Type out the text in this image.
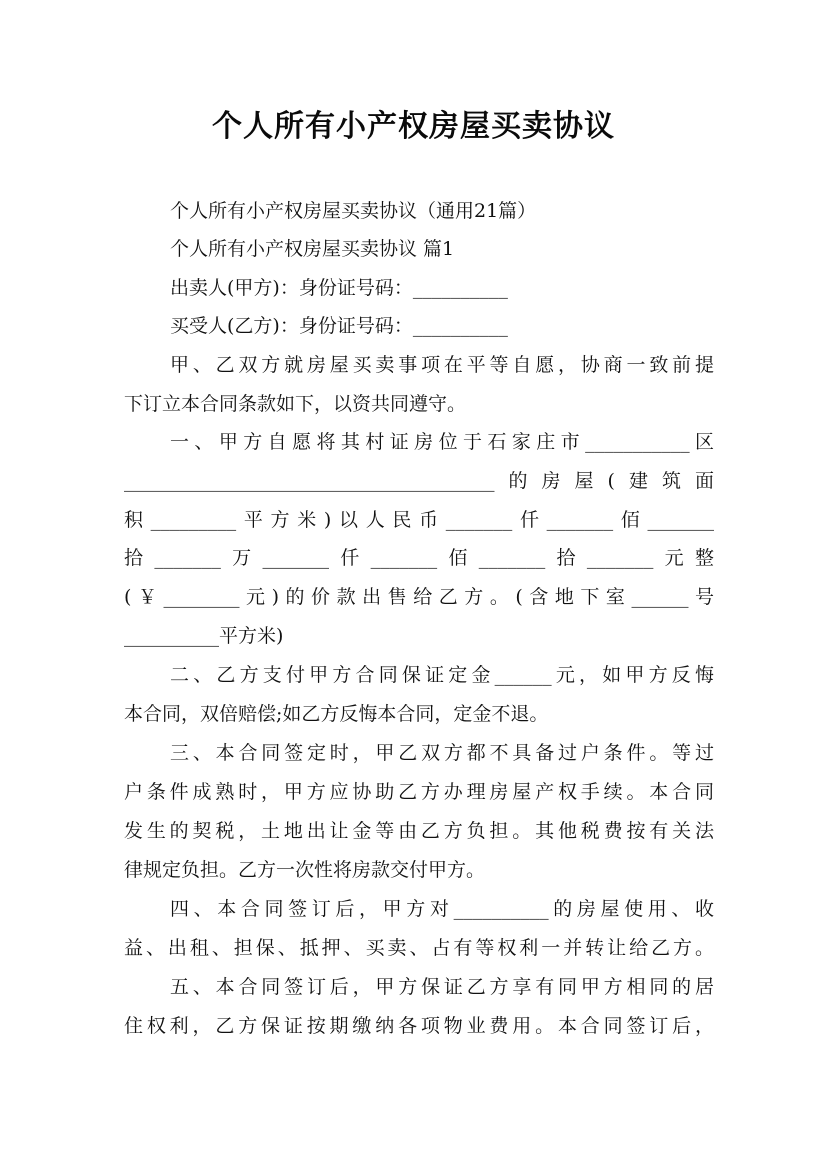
个人所有小产权房屋买卖协议
个人所有小产权房屋买卖协议（通用21篇）
个人所有小产权房屋买卖协议 篇1
出卖人(甲方)：身份证号码：__________
买受人(乙方)：身份证号码：__________
甲、乙双方就房屋买卖事项在平等自愿，协商一致前提
下订立本合同条款如下，以资共同遵守。
一、甲方自愿将其村证房位于石家庄市___________区
_______________________________________的房屋(建筑面
积_________平方米)以人民币_______仟_______佰_______
拾_______万_______仟_______佰_______拾_______元整
(￥________元)的价款出售给乙方。(含地下室______号
__________平方米)
二、乙方支付甲方合同保证定金______元，如甲方反悔
本合同，双倍赔偿;如乙方反悔本合同，定金不退。
三、本合同签定时，甲乙双方都不具备过户条件。等过
户条件成熟时，甲方应协助乙方办理房屋产权手续。本合同
发生的契税，土地出让金等由乙方负担。其他税费按有关法
律规定负担。乙方一次性将房款交付甲方。
四、本合同签订后，甲方对__________的房屋使用、收
益、出租、担保、抵押、买卖、占有等权利一并转让给乙方。
五、本合同签订后，甲方保证乙方享有同甲方相同的居
住权利，乙方保证按期缴纳各项物业费用。本合同签订后，
